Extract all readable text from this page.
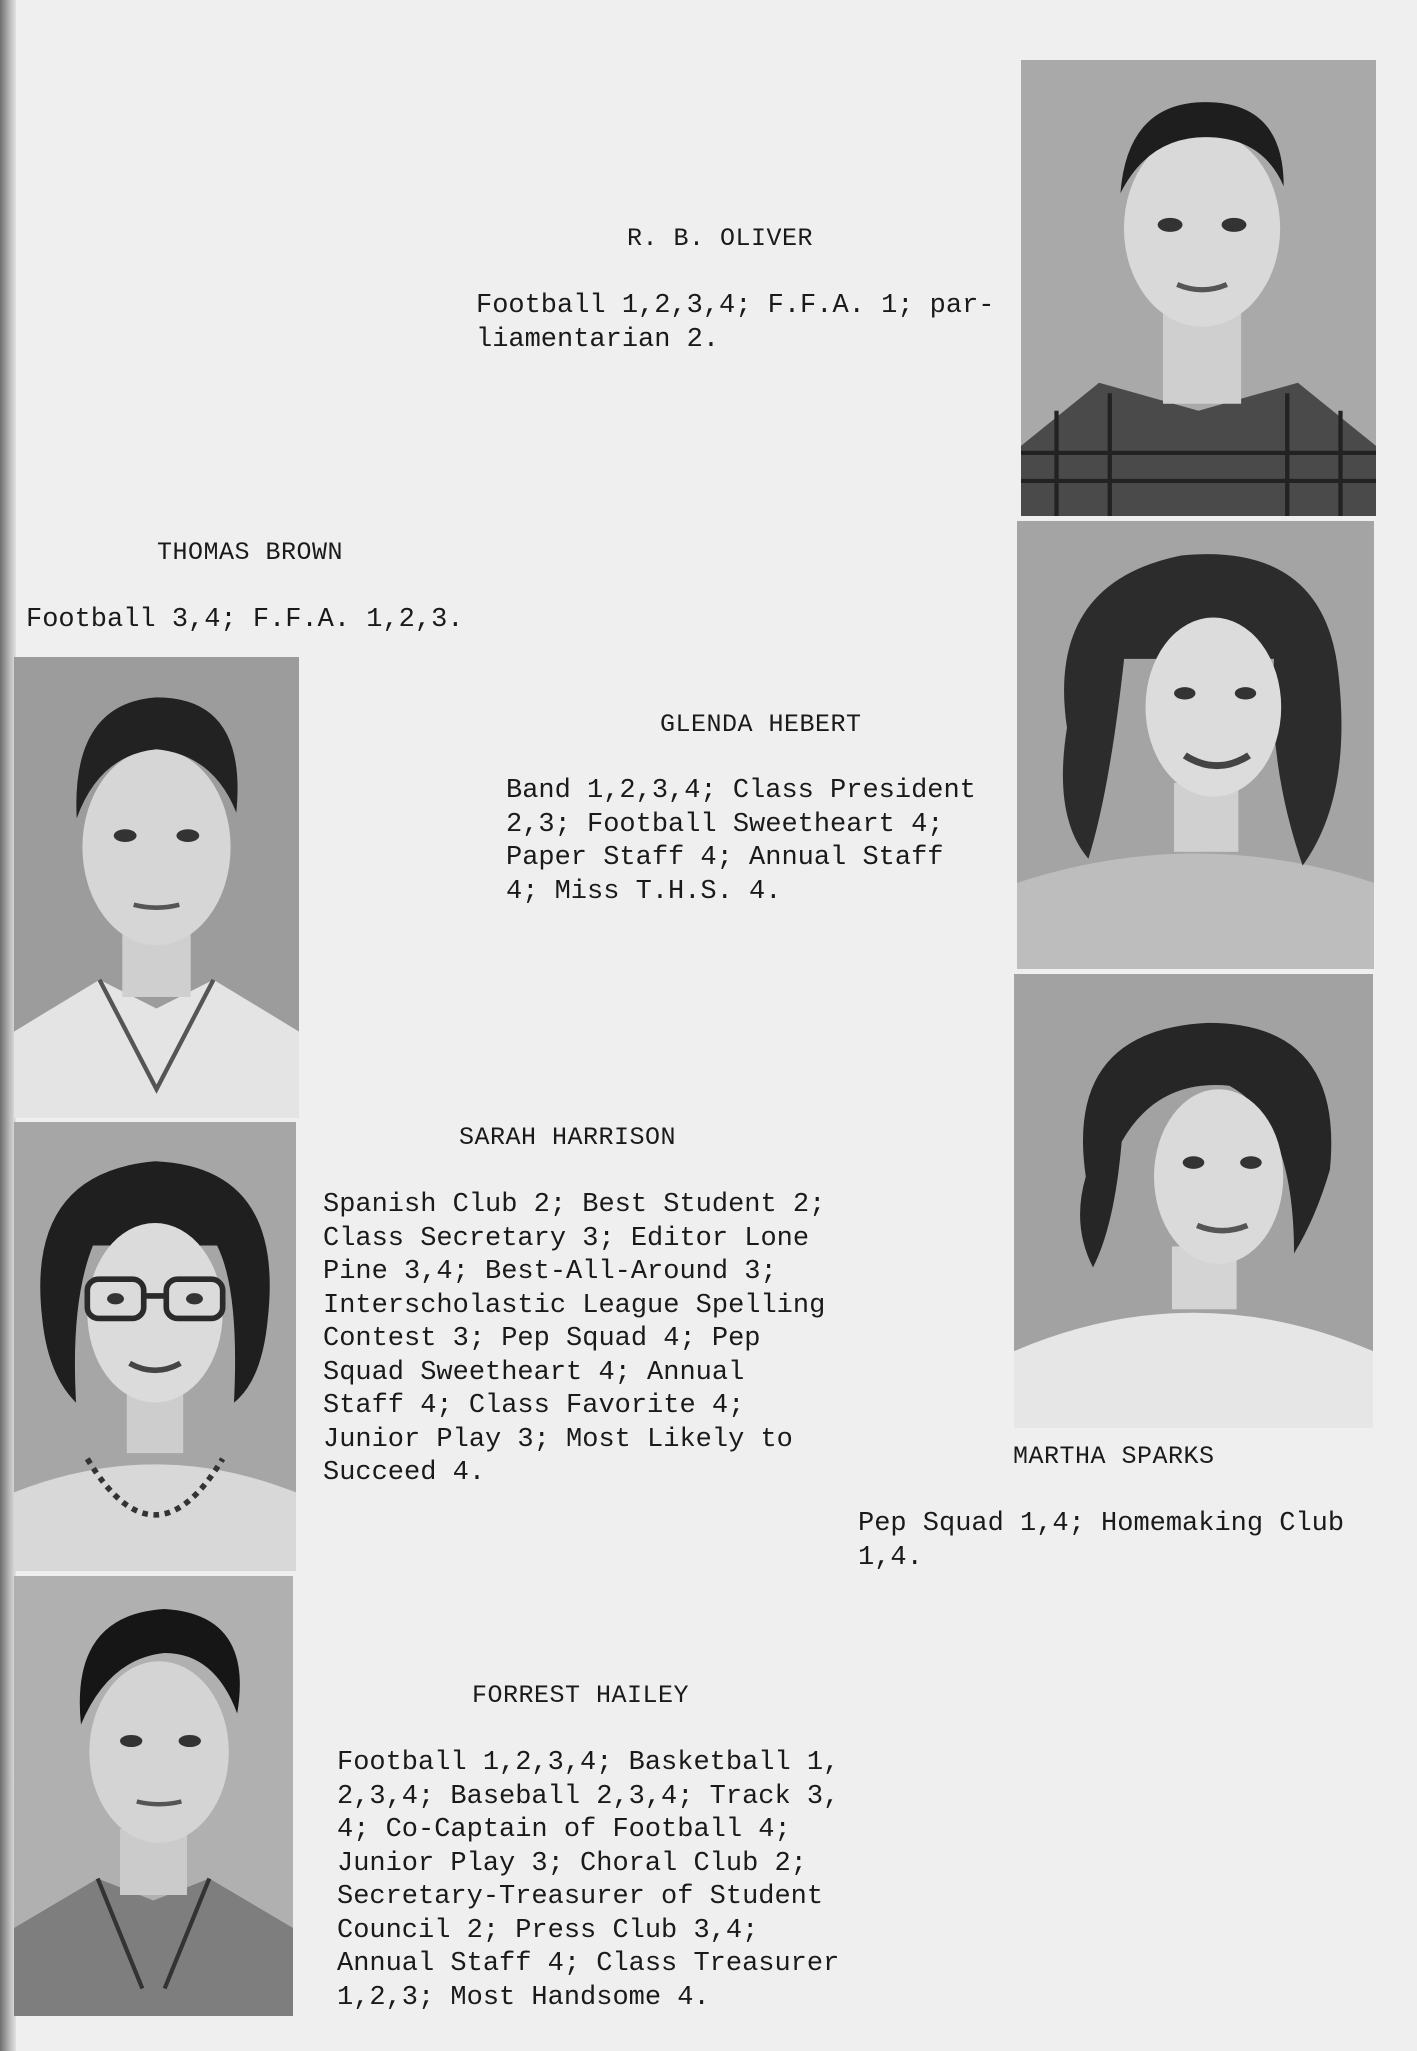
R. B. OLIVER
Football 1,2,3,4; F.F.A. 1; par-
liamentarian 2.
THOMAS BROWN
Football 3,4; F.F.A. 1,2,3.
GLENDA HEBERT
Band 1,2,3,4; Class President
2,3; Football Sweetheart 4;
Paper Staff 4; Annual Staff
4; Miss T.H.S. 4.
SARAH HARRISON
Spanish Club 2; Best Student 2;
Class Secretary 3; Editor Lone
Pine 3,4; Best-All-Around 3;
Interscholastic League Spelling
Contest 3; Pep Squad 4; Pep
Squad Sweetheart 4; Annual
Staff 4; Class Favorite 4;
Junior Play 3; Most Likely to
Succeed 4.
MARTHA SPARKS
Pep Squad 1,4; Homemaking Club
1,4.
FORREST HAILEY
Football 1,2,3,4; Basketball 1,
2,3,4; Baseball 2,3,4; Track 3,
4; Co-Captain of Football 4;
Junior Play 3; Choral Club 2;
Secretary-Treasurer of Student
Council 2; Press Club 3,4;
Annual Staff 4; Class Treasurer
1,2,3; Most Handsome 4.
